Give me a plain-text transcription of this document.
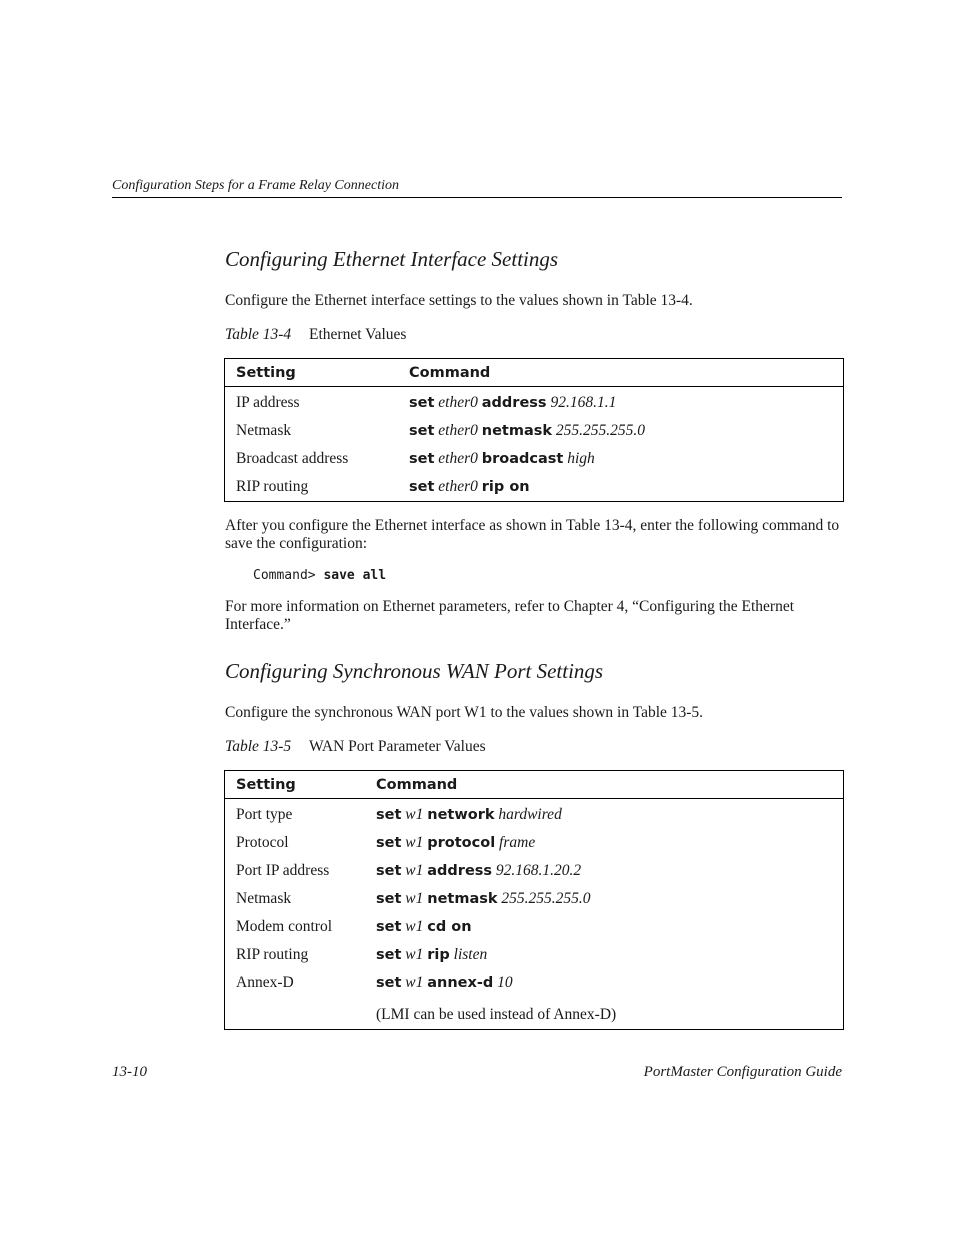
Configuration Steps for a Frame Relay Connection
Configuring Ethernet Interface Settings
Configure the Ethernet interface settings to the values shown in Table 13-4.
Table 13-4 Ethernet Values
Setting	Command
IP address	set ether0 address 92.168.1.1
Netmask	set ether0 netmask 255.255.255.0
Broadcast address	set ether0 broadcast high
RIP routing	set ether0 rip on
After you configure the Ethernet interface as shown in Table 13-4, enter the following command to save the configuration:
Command> save all
For more information on Ethernet parameters, refer to Chapter 4, “Configuring the Ethernet Interface.”
Configuring Synchronous WAN Port Settings
Configure the synchronous WAN port W1 to the values shown in Table 13-5.
Table 13-5 WAN Port Parameter Values
Setting	Command
Port type	set w1 network hardwired
Protocol	set w1 protocol frame
Port IP address	set w1 address 92.168.1.20.2
Netmask	set w1 netmask 255.255.255.0
Modem control	set w1 cd on
RIP routing	set w1 rip listen
Annex-D	set w1 annex-d 10
	(LMI can be used instead of Annex-D)
13-10	PortMaster Configuration Guide
